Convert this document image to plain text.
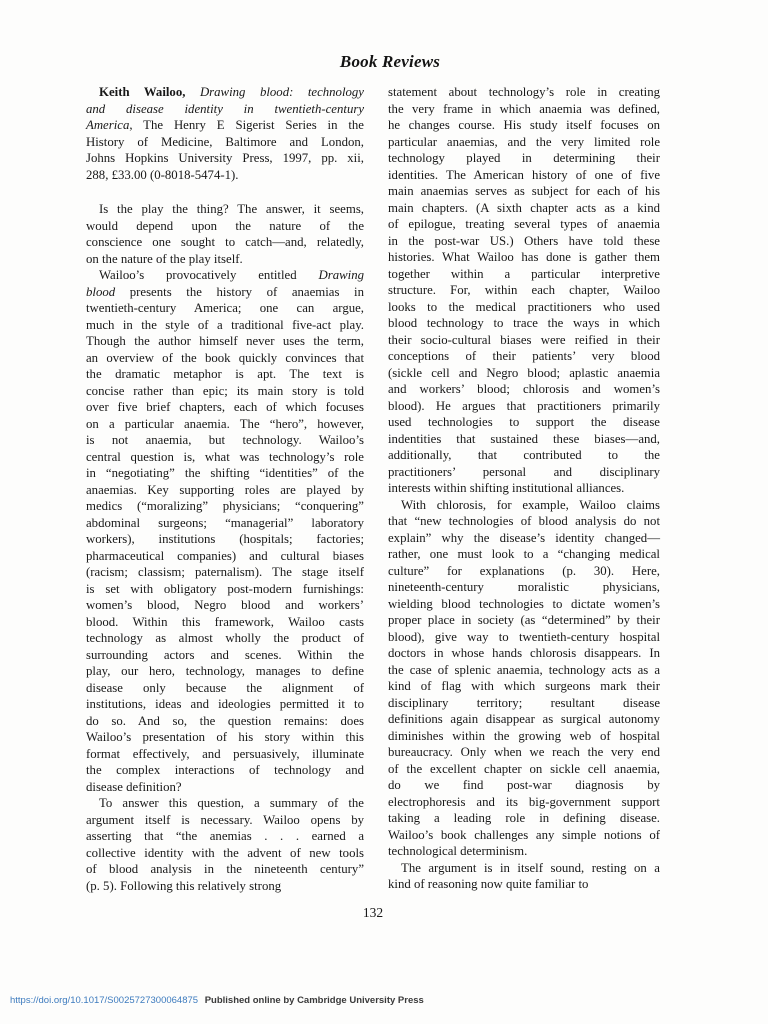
Book Reviews
Keith Wailoo, Drawing blood: technology
and disease identity in twentieth-century
America, The Henry E Sigerist Series in the
History of Medicine, Baltimore and London,
Johns Hopkins University Press, 1997, pp. xii,
288, £33.00 (0-8018-5474-1).
Is the play the thing? The answer, it seems,
would depend upon the nature of the
conscience one sought to catch—and, relatedly,
on the nature of the play itself.
Wailoo’s provocatively entitled Drawing
blood presents the history of anaemias in
twentieth-century America; one can argue,
much in the style of a traditional five-act play.
Though the author himself never uses the term,
an overview of the book quickly convinces that
the dramatic metaphor is apt. The text is
concise rather than epic; its main story is told
over five brief chapters, each of which focuses
on a particular anaemia. The “hero”, however,
is not anaemia, but technology. Wailoo’s
central question is, what was technology’s role
in “negotiating” the shifting “identities” of the
anaemias. Key supporting roles are played by
medics (“moralizing” physicians; “conquering”
abdominal surgeons; “managerial” laboratory
workers), institutions (hospitals; factories;
pharmaceutical companies) and cultural biases
(racism; classism; paternalism). The stage itself
is set with obligatory post-modern furnishings:
women’s blood, Negro blood and workers’
blood. Within this framework, Wailoo casts
technology as almost wholly the product of
surrounding actors and scenes. Within the
play, our hero, technology, manages to define
disease only because the alignment of
institutions, ideas and ideologies permitted it to
do so. And so, the question remains: does
Wailoo’s presentation of his story within this
format effectively, and persuasively, illuminate
the complex interactions of technology and
disease definition?
To answer this question, a summary of the
argument itself is necessary. Wailoo opens by
asserting that “the anemias . . . earned a
collective identity with the advent of new tools
of blood analysis in the nineteenth century”
(p. 5). Following this relatively strong
statement about technology’s role in creating
the very frame in which anaemia was defined,
he changes course. His study itself focuses on
particular anaemias, and the very limited role
technology played in determining their
identities. The American history of one of five
main anaemias serves as subject for each of his
main chapters. (A sixth chapter acts as a kind
of epilogue, treating several types of anaemia
in the post-war US.) Others have told these
histories. What Wailoo has done is gather them
together within a particular interpretive
structure. For, within each chapter, Wailoo
looks to the medical practitioners who used
blood technology to trace the ways in which
their socio-cultural biases were reified in their
conceptions of their patients’ very blood
(sickle cell and Negro blood; aplastic anaemia
and workers’ blood; chlorosis and women’s
blood). He argues that practitioners primarily
used technologies to support the disease
indentities that sustained these biases—and,
additionally, that contributed to the
practitioners’ personal and disciplinary
interests within shifting institutional alliances.
With chlorosis, for example, Wailoo claims
that “new technologies of blood analysis do not
explain” why the disease’s identity changed—
rather, one must look to a “changing medical
culture” for explanations (p. 30). Here,
nineteenth-century moralistic physicians,
wielding blood technologies to dictate women’s
proper place in society (as “determined” by their
blood), give way to twentieth-century hospital
doctors in whose hands chlorosis disappears. In
the case of splenic anaemia, technology acts as a
kind of flag with which surgeons mark their
disciplinary territory; resultant disease
definitions again disappear as surgical autonomy
diminishes within the growing web of hospital
bureaucracy. Only when we reach the very end
of the excellent chapter on sickle cell anaemia,
do we find post-war diagnosis by
electrophoresis and its big-government support
taking a leading role in defining disease.
Wailoo’s book challenges any simple notions of
technological determinism.
The argument is in itself sound, resting on a
kind of reasoning now quite familiar to
132
https://doi.org/10.1017/S0025727300064875 Published online by Cambridge University Press
